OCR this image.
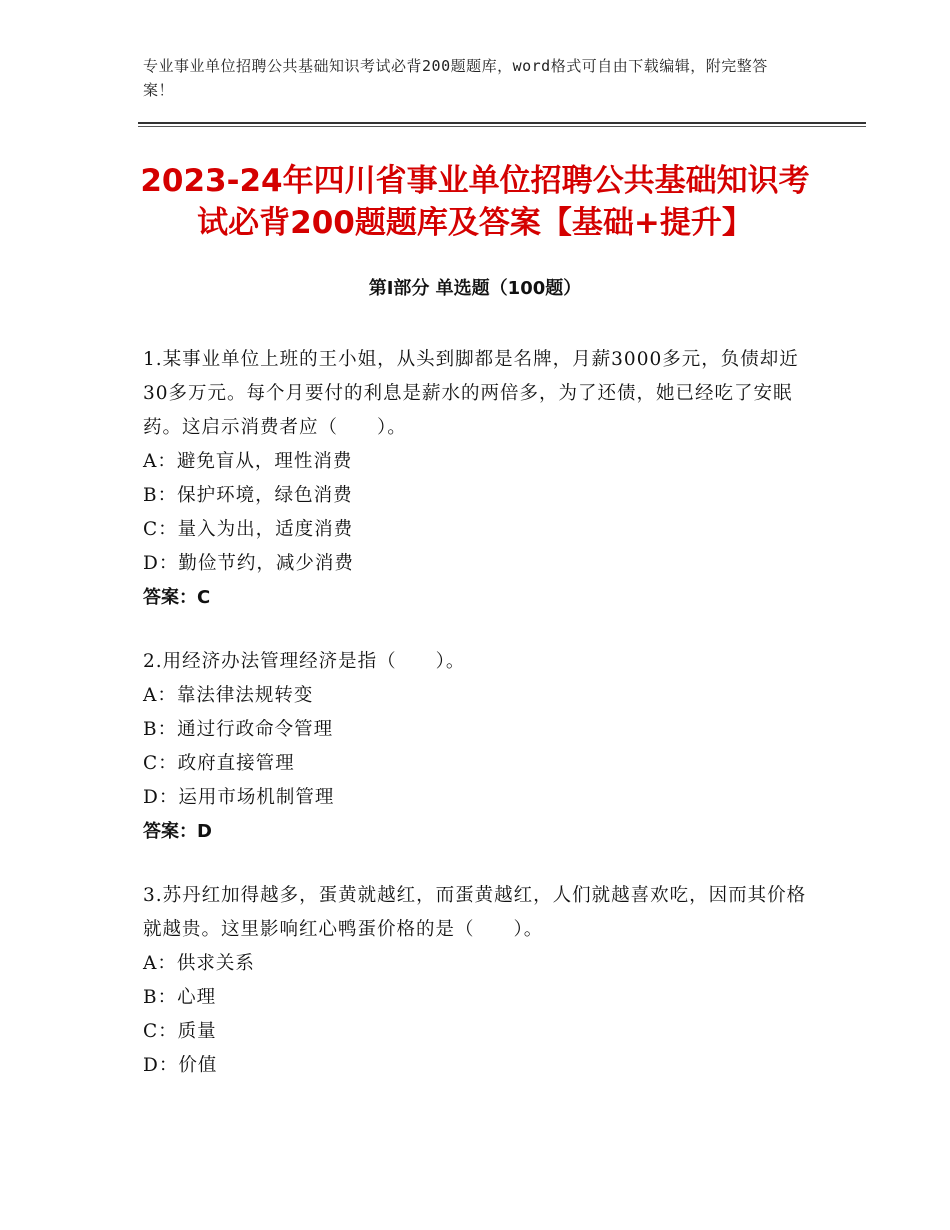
专业事业单位招聘公共基础知识考试必背200题题库，word格式可自由下载编辑，附完整答案！
2023-24年四川省事业单位招聘公共基础知识考试必背200题题库及答案【基础+提升】
第Ⅰ部分 单选题（100题）
1.某事业单位上班的王小姐，从头到脚都是名牌，月薪3000多元，负债却近30多万元。每个月要付的利息是薪水的两倍多，为了还债，她已经吃了安眠药。这启示消费者应（　　）。
A：避免盲从，理性消费
B：保护环境，绿色消费
C：量入为出，适度消费
D：勤俭节约，减少消费
答案：C
2.用经济办法管理经济是指（　　）。
A：靠法律法规转变
B：通过行政命令管理
C：政府直接管理
D：运用市场机制管理
答案：D
3.苏丹红加得越多，蛋黄就越红，而蛋黄越红，人们就越喜欢吃，因而其价格就越贵。这里影响红心鸭蛋价格的是（　　）。
A：供求关系
B：心理
C：质量
D：价值
